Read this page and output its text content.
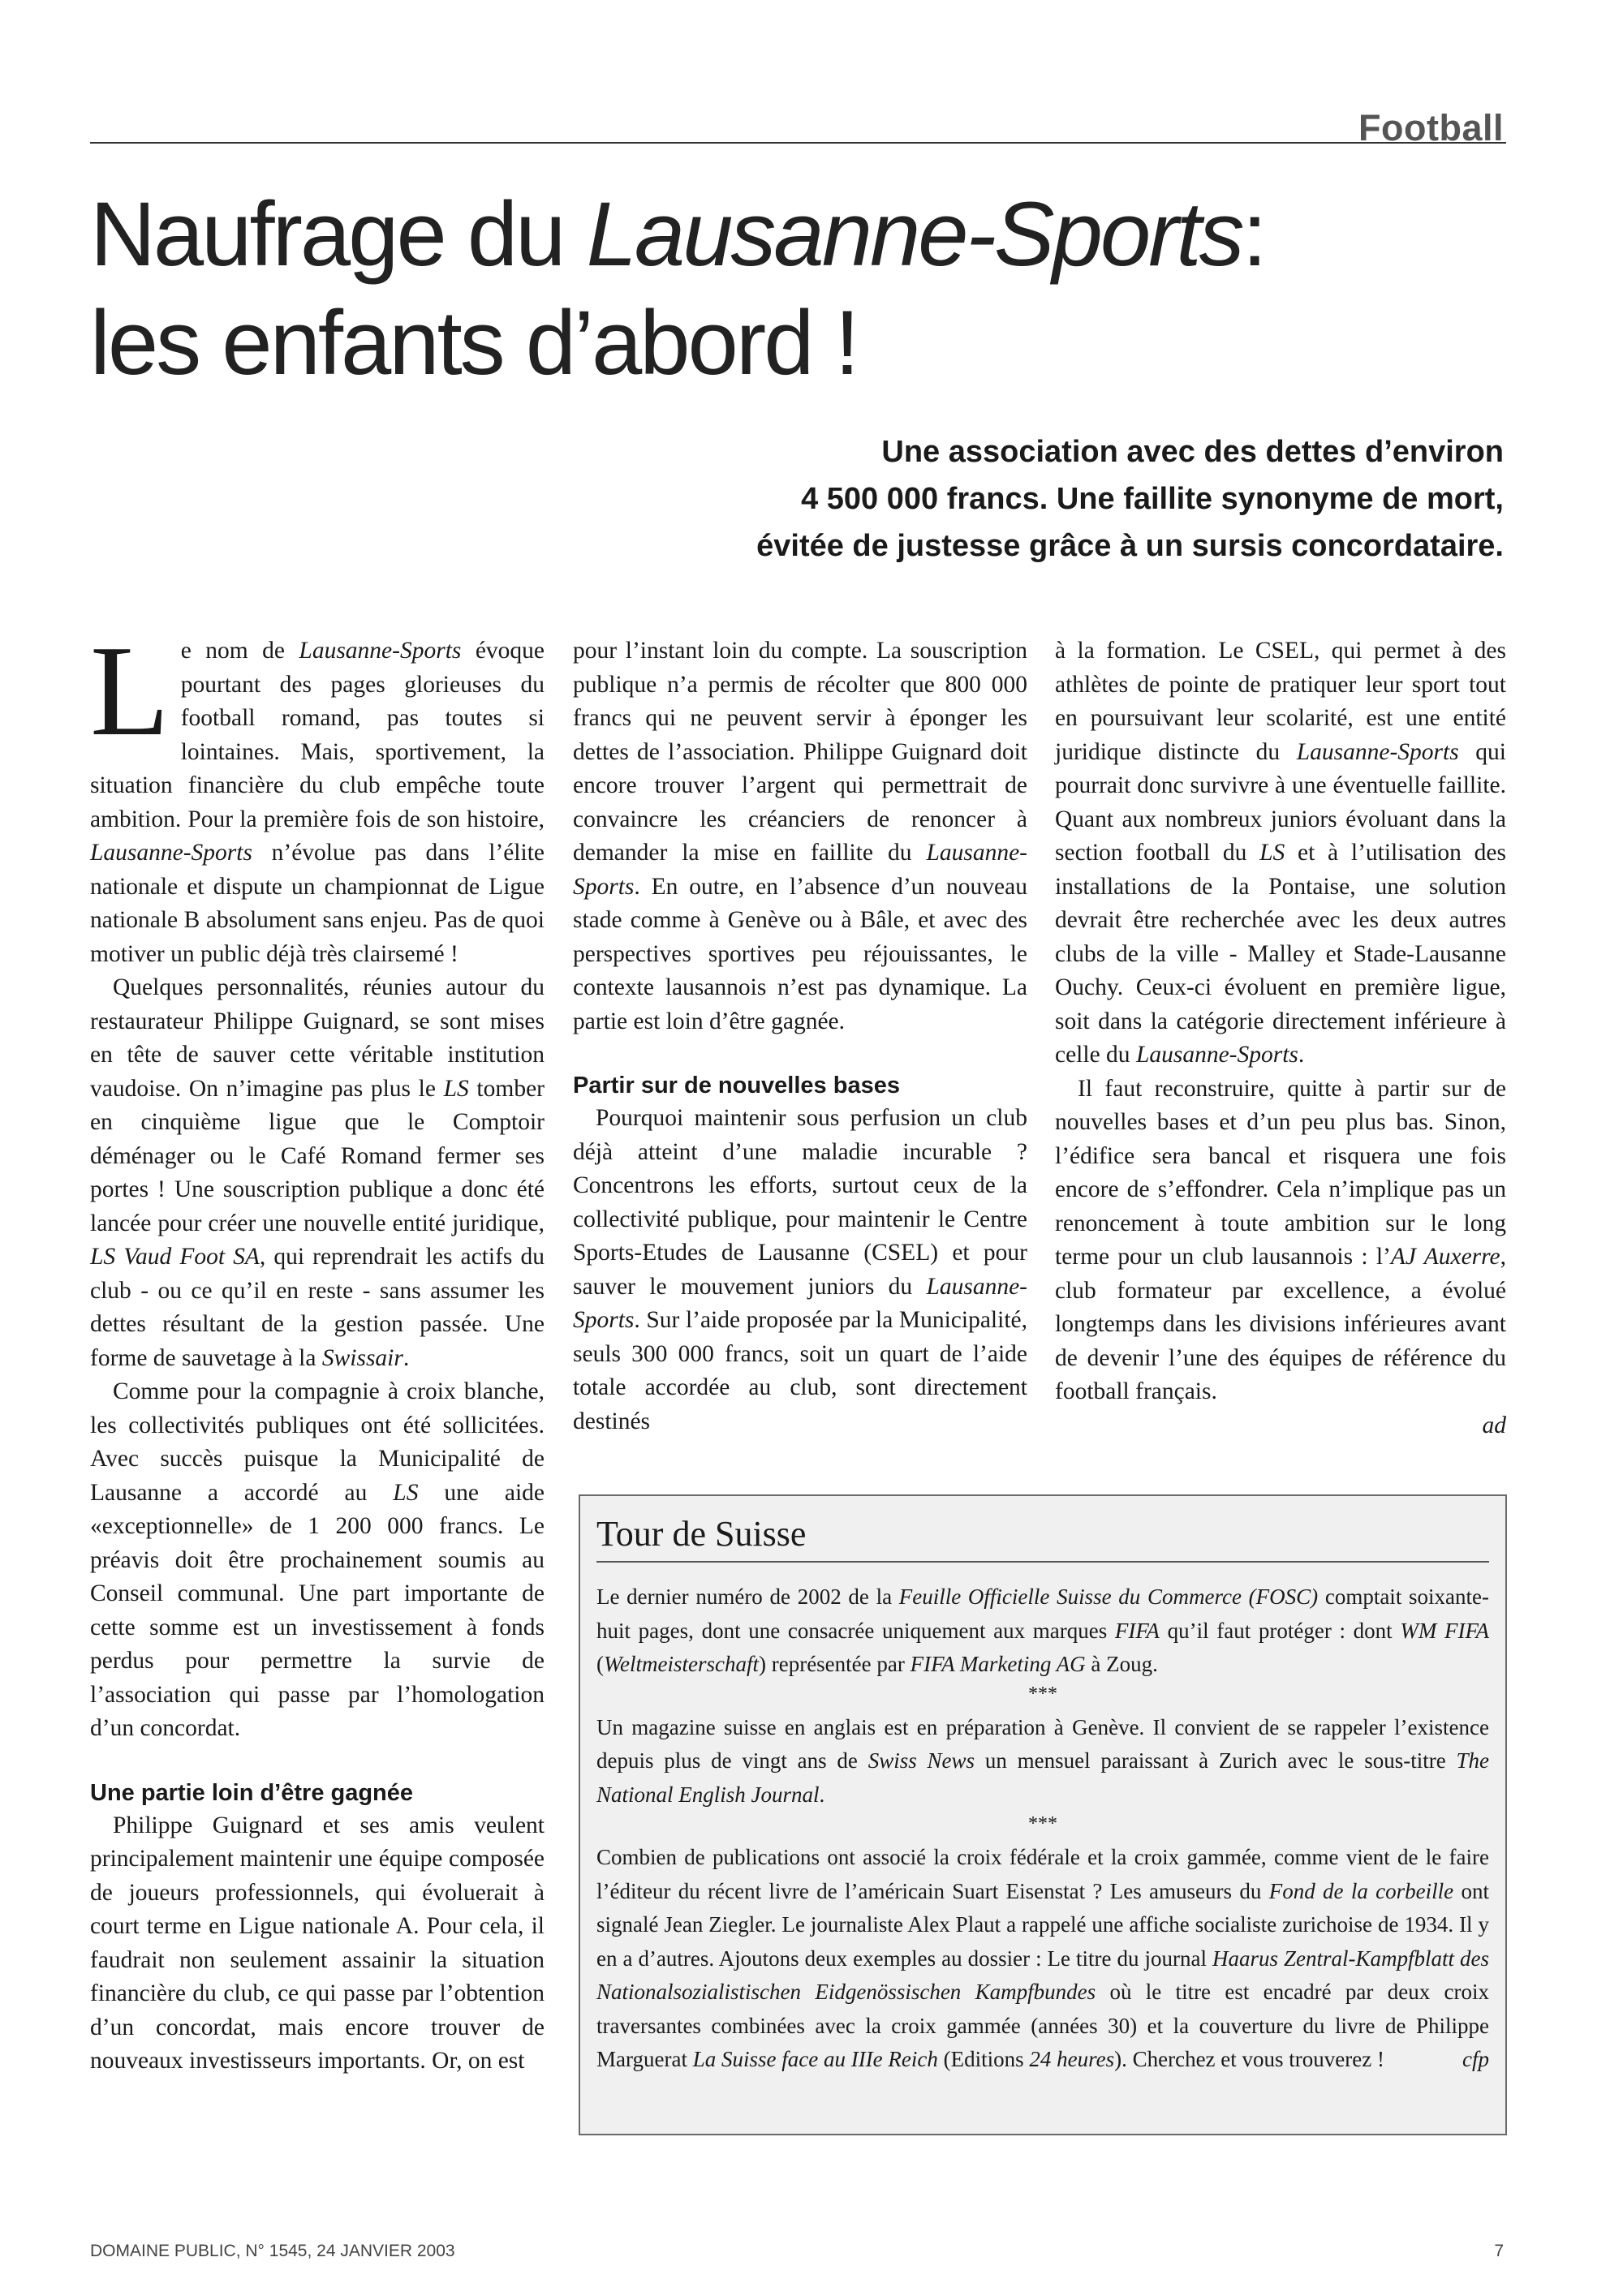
Football
Naufrage du Lausanne-Sports:
les enfants d’abord !
Une association avec des dettes d’environ
4 500 000 francs. Une faillite synonyme de mort,
évitée de justesse grâce à un sursis concordataire.

Le nom de Lausanne-Sports évoque pourtant des pages glorieuses du football romand, pas toutes si lointaines. Mais, sportivement, la situation financière du club empêche toute ambition. Pour la première fois de son histoire, Lausanne-Sports n’évolue pas dans l’élite nationale et dispute un championnat de Ligue nationale B absolument sans enjeu. Pas de quoi motiver un public déjà très clairsemé !

Quelques personnalités, réunies autour du restaurateur Philippe Guignard, se sont mises en tête de sauver cette véritable institution vaudoise. On n’imagine pas plus le LS tomber en cinquième ligue que le Comptoir déménager ou le Café Romand fermer ses portes ! Une souscription publique a donc été lancée pour créer une nouvelle entité juridique, LS Vaud Foot SA, qui reprendrait les actifs du club - ou ce qu’il en reste - sans assumer les dettes résultant de la gestion passée. Une forme de sauvetage à la Swissair.

Comme pour la compagnie à croix blanche, les collectivités publiques ont été sollicitées. Avec succès puisque la Municipalité de Lausanne a accordé au LS une aide «exceptionnelle» de 1 200 000 francs. Le préavis doit être prochainement soumis au Conseil communal. Une part importante de cette somme est un investissement à fonds perdus pour permettre la survie de l’association qui passe par l’homologation d’un concordat.

Une partie loin d’être gagnée

Philippe Guignard et ses amis veulent principalement maintenir une équipe composée de joueurs professionnels, qui évoluerait à court terme en Ligue nationale A. Pour cela, il faudrait non seulement assainir la situation financière du club, ce qui passe par l’obtention d’un concordat, mais encore trouver de nouveaux investisseurs importants. Or, on est

pour l’instant loin du compte. La souscription publique n’a permis de récolter que 800 000 francs qui ne peuvent servir à éponger les dettes de l’association. Philippe Guignard doit encore trouver l’argent qui permettrait de convaincre les créanciers de renoncer à demander la mise en faillite du Lausanne-Sports. En outre, en l’absence d’un nouveau stade comme à Genève ou à Bâle, et avec des perspectives sportives peu réjouissantes, le contexte lausannois n’est pas dynamique. La partie est loin d’être gagnée.

Partir sur de nouvelles bases

Pourquoi maintenir sous perfusion un club déjà atteint d’une maladie incurable ? Concentrons les efforts, surtout ceux de la collectivité publique, pour maintenir le Centre Sports-Etudes de Lausanne (CSEL) et pour sauver le mouvement juniors du Lausanne-Sports. Sur l’aide proposée par la Municipalité, seuls 300 000 francs, soit un quart de l’aide totale accordée au club, sont directement destinés

à la formation. Le CSEL, qui permet à des athlètes de pointe de pratiquer leur sport tout en poursuivant leur scolarité, est une entité juridique distincte du Lausanne-Sports qui pourrait donc survivre à une éventuelle faillite. Quant aux nombreux juniors évoluant dans la section football du LS et à l’utilisation des installations de la Pontaise, une solution devrait être recherchée avec les deux autres clubs de la ville - Malley et Stade-Lausanne Ouchy. Ceux-ci évoluent en première ligue, soit dans la catégorie directement inférieure à celle du Lausanne-Sports.

Il faut reconstruire, quitte à partir sur de nouvelles bases et d’un peu plus bas. Sinon, l’édifice sera bancal et risquera une fois encore de s’effondrer. Cela n’implique pas un renoncement à toute ambition sur le long terme pour un club lausannois : l’AJ Auxerre, club formateur par excellence, a évolué longtemps dans les divisions inférieures avant de devenir l’une des équipes de référence du football français.

ad
Tour de Suisse

Le dernier numéro de 2002 de la Feuille Officielle Suisse du Commerce (FOSC) comptait soixante-huit pages, dont une consacrée uniquement aux marques FIFA qu’il faut protéger : dont WM FIFA (Weltmeisterschaft) représentée par FIFA Marketing AG à Zoug.

***

Un magazine suisse en anglais est en préparation à Genève. Il convient de se rappeler l’existence depuis plus de vingt ans de Swiss News un mensuel paraissant à Zurich avec le sous-titre The National English Journal.

***

Combien de publications ont associé la croix fédérale et la croix gammée, comme vient de le faire l’éditeur du récent livre de l’américain Suart Eisenstat ? Les amuseurs du Fond de la corbeille ont signalé Jean Ziegler. Le journaliste Alex Plaut a rappelé une affiche socialiste zurichoise de 1934. Il y en a d’autres. Ajoutons deux exemples au dossier : Le titre du journal Haarus Zentral-Kampfblatt des Nationalsozialistischen Eidgenössischen Kampfbundes où le titre est encadré par deux croix traversantes combinées avec la croix gammée (années 30) et la couverture du livre de Philippe Marguerat La Suisse face au IIIe Reich (Editions 24 heures). Cherchez et vous trouverez !	cfp

DOMAINE PUBLIC, N° 1545, 24 JANVIER 2003	7
